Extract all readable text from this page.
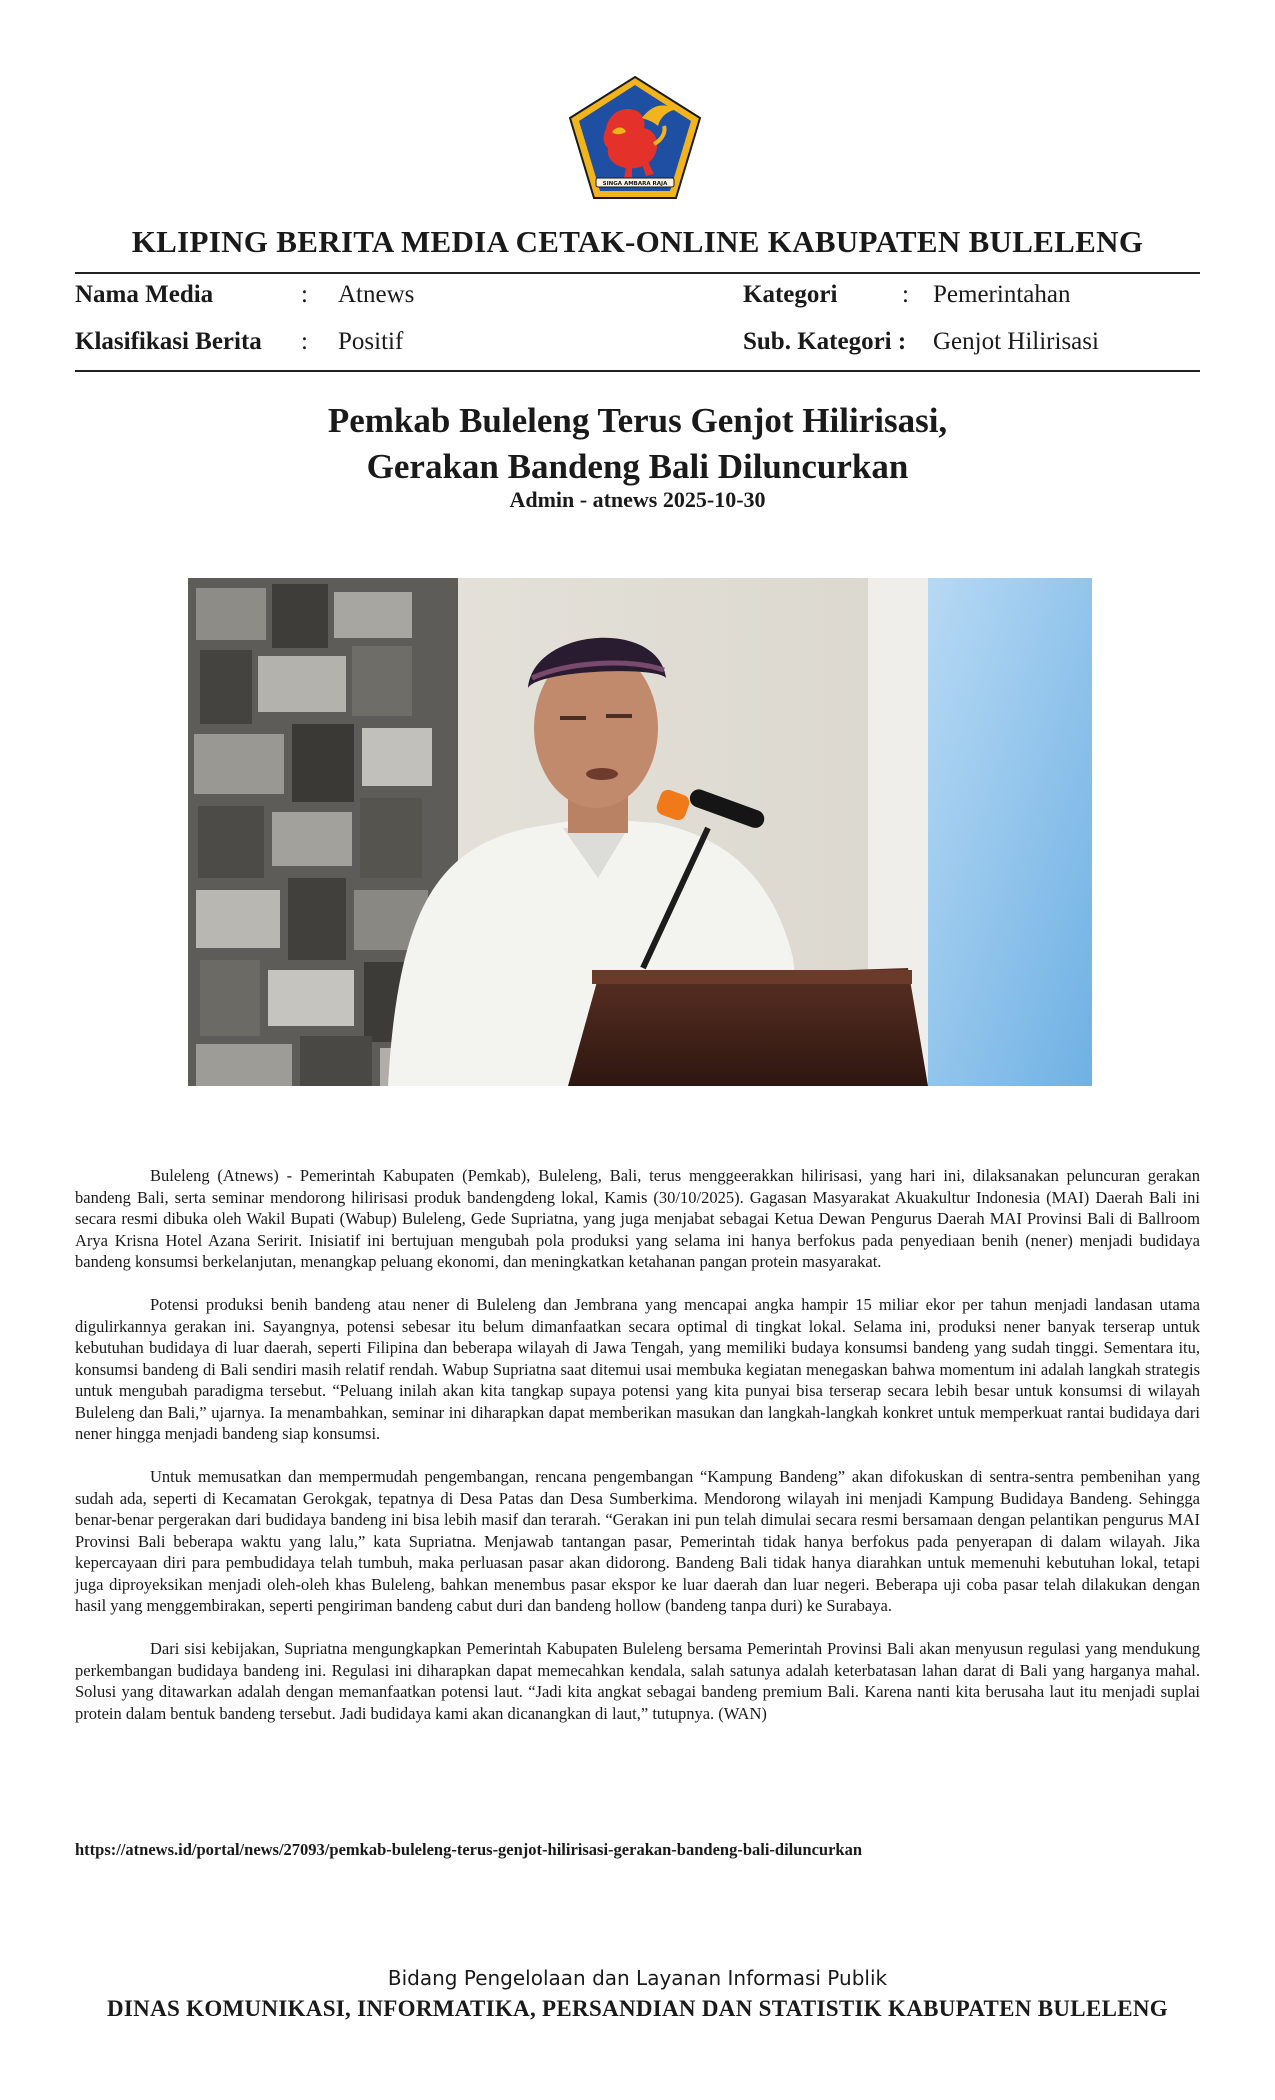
SINGA AMBARA RAJA
KLIPING BERITA MEDIA CETAK-ONLINE KABUPATEN BULELENG
Nama Media	: Atnews
Klasifikasi Berita : Positif
Kategori	: Pemerintahan
Sub. Kategori : Genjot Hilirisasi
Pemkab Buleleng Terus Genjot Hilirisasi,
Gerakan Bandeng Bali Diluncurkan
Admin - atnews 2025-10-30

Buleleng (Atnews) - Pemerintah Kabupaten (Pemkab), Buleleng, Bali, terus menggeerakkan hilirisasi, yang hari ini, dilaksanakan peluncuran gerakan bandeng Bali, serta seminar mendorong hilirisasi produk bandengdeng lokal, Kamis (30/10/2025). Gagasan Masyarakat Akuakultur Indonesia (MAI) Daerah Bali ini secara resmi dibuka oleh Wakil Bupati (Wabup) Buleleng, Gede Supriatna, yang juga menjabat sebagai Ketua Dewan Pengurus Daerah MAI Provinsi Bali di Ballroom Arya Krisna Hotel Azana Seririt. Inisiatif ini bertujuan mengubah pola produksi yang selama ini hanya berfokus pada penyediaan benih (nener) menjadi budidaya bandeng konsumsi berkelanjutan, menangkap peluang ekonomi, dan meningkatkan ketahanan pangan protein masyarakat.

Potensi produksi benih bandeng atau nener di Buleleng dan Jembrana yang mencapai angka hampir 15 miliar ekor per tahun menjadi landasan utama digulirkannya gerakan ini. Sayangnya, potensi sebesar itu belum dimanfaatkan secara optimal di tingkat lokal. Selama ini, produksi nener banyak terserap untuk kebutuhan budidaya di luar daerah, seperti Filipina dan beberapa wilayah di Jawa Tengah, yang memiliki budaya konsumsi bandeng yang sudah tinggi. Sementara itu, konsumsi bandeng di Bali sendiri masih relatif rendah. Wabup Supriatna saat ditemui usai membuka kegiatan menegaskan bahwa momentum ini adalah langkah strategis untuk mengubah paradigma tersebut. “Peluang inilah akan kita tangkap supaya potensi yang kita punyai bisa terserap secara lebih besar untuk konsumsi di wilayah Buleleng dan Bali,” ujarnya. Ia menambahkan, seminar ini diharapkan dapat memberikan masukan dan langkah-langkah konkret untuk memperkuat rantai budidaya dari nener hingga menjadi bandeng siap konsumsi.

Untuk memusatkan dan mempermudah pengembangan, rencana pengembangan “Kampung Bandeng” akan difokuskan di sentra-sentra pembenihan yang sudah ada, seperti di Kecamatan Gerokgak, tepatnya di Desa Patas dan Desa Sumberkima. Mendorong wilayah ini menjadi Kampung Budidaya Bandeng. Sehingga benar-benar pergerakan dari budidaya bandeng ini bisa lebih masif dan terarah. “Gerakan ini pun telah dimulai secara resmi bersamaan dengan pelantikan pengurus MAI Provinsi Bali beberapa waktu yang lalu,” kata Supriatna. Menjawab tantangan pasar, Pemerintah tidak hanya berfokus pada penyerapan di dalam wilayah. Jika kepercayaan diri para pembudidaya telah tumbuh, maka perluasan pasar akan didorong. Bandeng Bali tidak hanya diarahkan untuk memenuhi kebutuhan lokal, tetapi juga diproyeksikan menjadi oleh-oleh khas Buleleng, bahkan menembus pasar ekspor ke luar daerah dan luar negeri. Beberapa uji coba pasar telah dilakukan dengan hasil yang menggembirakan, seperti pengiriman bandeng cabut duri dan bandeng hollow (bandeng tanpa duri) ke Surabaya.

Dari sisi kebijakan, Supriatna mengungkapkan Pemerintah Kabupaten Buleleng bersama Pemerintah Provinsi Bali akan menyusun regulasi yang mendukung perkembangan budidaya bandeng ini. Regulasi ini diharapkan dapat memecahkan kendala, salah satunya adalah keterbatasan lahan darat di Bali yang harganya mahal. Solusi yang ditawarkan adalah dengan memanfaatkan potensi laut. “Jadi kita angkat sebagai bandeng premium Bali. Karena nanti kita berusaha laut itu menjadi suplai protein dalam bentuk bandeng tersebut. Jadi budidaya kami akan dicanangkan di laut,” tutupnya. (WAN)

https://atnews.id/portal/news/27093/pemkab-buleleng-terus-genjot-hilirisasi-gerakan-bandeng-bali-diluncurkan
Bidang Pengelolaan dan Layanan Informasi Publik
DINAS KOMUNIKASI, INFORMATIKA, PERSANDIAN DAN STATISTIK KABUPATEN BULELENG
